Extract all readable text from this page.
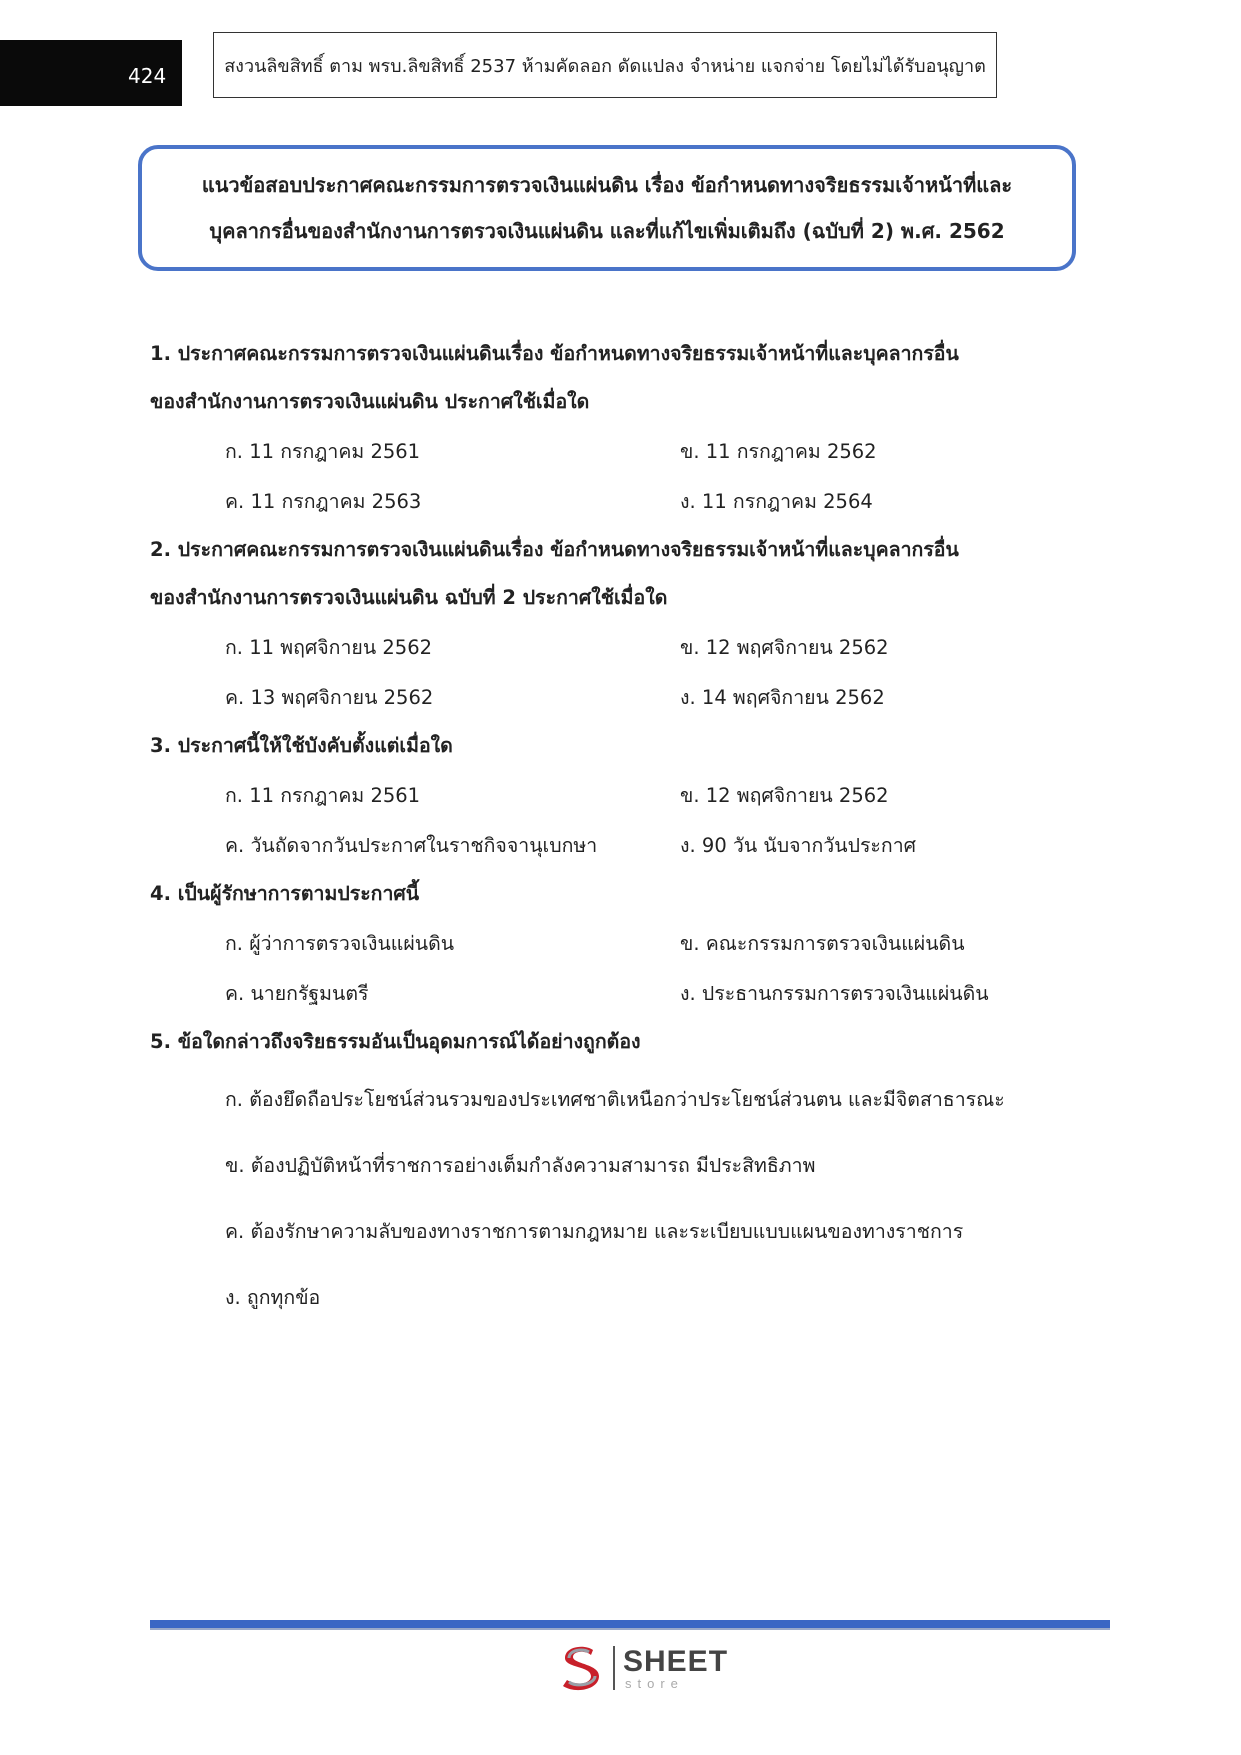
424	สงวนลิขสิทธิ์ ตาม พรบ.ลิขสิทธิ์ 2537 ห้ามคัดลอก ดัดแปลง จำหน่าย แจกจ่าย โดยไม่ได้รับอนุญาต
แนวข้อสอบประกาศคณะกรรมการตรวจเงินแผ่นดิน เรื่อง ข้อกำหนดทางจริยธรรมเจ้าหน้าที่และ
บุคลากรอื่นของสำนักงานการตรวจเงินแผ่นดิน และที่แก้ไขเพิ่มเติมถึง (ฉบับที่ 2) พ.ศ. 2562
1. ประกาศคณะกรรมการตรวจเงินแผ่นดินเรื่อง ข้อกำหนดทางจริยธรรมเจ้าหน้าที่และบุคลากรอื่น
ของสำนักงานการตรวจเงินแผ่นดิน ประกาศใช้เมื่อใด
ก. 11 กรกฎาคม 2561	ข. 11 กรกฎาคม 2562
ค. 11 กรกฎาคม 2563	ง. 11 กรกฎาคม 2564
2. ประกาศคณะกรรมการตรวจเงินแผ่นดินเรื่อง ข้อกำหนดทางจริยธรรมเจ้าหน้าที่และบุคลากรอื่น
ของสำนักงานการตรวจเงินแผ่นดิน ฉบับที่ 2 ประกาศใช้เมื่อใด
ก. 11 พฤศจิกายน 2562	ข. 12 พฤศจิกายน 2562
ค. 13 พฤศจิกายน 2562	ง. 14 พฤศจิกายน 2562
3. ประกาศนี้ให้ใช้บังคับตั้งแต่เมื่อใด
ก. 11 กรกฎาคม 2561	ข. 12 พฤศจิกายน 2562
ค. วันถัดจากวันประกาศในราชกิจจานุเบกษา	ง. 90 วัน นับจากวันประกาศ
4. เป็นผู้รักษาการตามประกาศนี้
ก. ผู้ว่าการตรวจเงินแผ่นดิน	ข. คณะกรรมการตรวจเงินแผ่นดิน
ค. นายกรัฐมนตรี	ง. ประธานกรรมการตรวจเงินแผ่นดิน
5. ข้อใดกล่าวถึงจริยธรรมอันเป็นอุดมการณ์ได้อย่างถูกต้อง
ก. ต้องยึดถือประโยชน์ส่วนรวมของประเทศชาติเหนือกว่าประโยชน์ส่วนตน และมีจิตสาธารณะ
ข. ต้องปฏิบัติหน้าที่ราชการอย่างเต็มกำลังความสามารถ มีประสิทธิภาพ
ค. ต้องรักษาความลับของทางราชการตามกฎหมาย และระเบียบแบบแผนของทางราชการ
ง. ถูกทุกข้อ
SHEET
store
